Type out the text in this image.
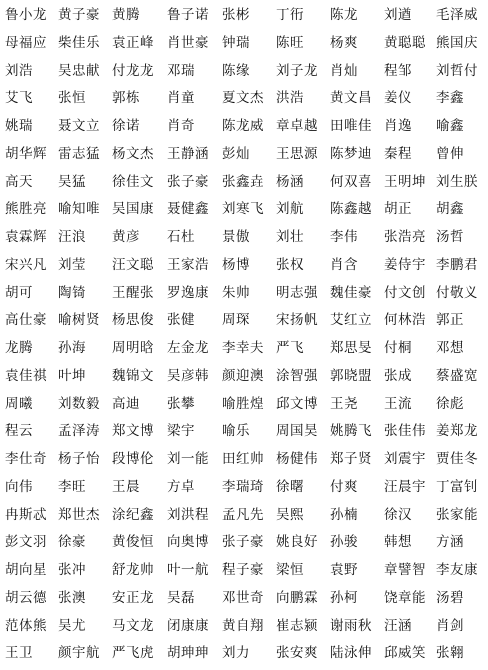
鲁小龙 黄子豪 黄腾	鲁子诺 张彬	丁衎	陈龙	刘遒	毛泽威
母福应 柴佳乐 袁正峰 肖世豪 钟瑞	陈旺	杨爽	黄聪聪 熊国庆
刘浩	吴忠献 付龙龙 邓瑞	陈缘	刘子龙 肖灿	程邹	刘哲付
艾飞	张恒	郭栋	肖童	夏文杰 洪浩	黄文昌 姜仪	李鑫
姚瑞	聂文立 徐诺	肖奇	陈龙威 章卓越 田唯佳 肖逸	喻鑫
胡华辉 雷志猛 杨文杰 王静涵 彭灿	王思源 陈梦迪 秦程	曾伸
高天	吴猛	徐佳文 张子豪 张鑫垚 杨涵	何双喜 王明坤 刘生朕
熊胜亮 喻知唯 吴国康 聂健鑫 刘寒飞 刘航	陈鑫越 胡正	胡鑫
袁霖辉 汪浪	黄彦	石杜	景傲	刘壮	李伟	张浩亮 汤哲
宋兴凡 刘莹	汪文聪 王家浩 杨博	张权	肖含	姜侍宇 李鹏君
胡可	陶锜	王醒张 罗逸康 朱帅	明志强 魏佳豪 付文创 付敬义
高仕豪 喻树贤 杨思俊 张健	周琛	宋扬帆 艾红立 何林浩 郭正
龙腾	孙海	周明晗 左金龙 李幸夫 严飞	郑思旻 付桐	邓想
袁佳祺 叶坤	魏锦文 吴彦韩 颜迎澳 涂智强 郭晓盟 张成	蔡盛宽
周曦	刘数毅 高迪	张攀	喻胜煌 邱文博 王尧	王流	徐彪
程云	孟泽涛 郑文博 梁宇	喻乐	周国昊 姚腾飞 张佳伟 姜郑龙
李仕奇 杨子怡 段博伦 刘一能 田红帅 杨健伟 郑子贤 刘震宇 贾佳冬
向伟	李旺	王晨	方卓	李瑞琦 徐曙	付爽	汪晨宇 丁富钊
冉斯忒 郑世杰 涂纪鑫 刘洪程 孟凡先 吴熙	孙楠	徐汉	张家能
彭文羽 徐豪	黄俊恒 向奥博 张子豪 姚良好 孙骏	韩想	方涵
胡向星 张冲	舒龙帅 叶一航 程子豪 梁恒	袁野	章譬智 李友康
胡云德 张澳	安正龙 吴磊	邓世奇 向鹏霖 孙柯	饶章能 汤碧
范体熊 吴尤	马文龙 闭康康 黄自翔 崔志颍 谢雨秋 汪涵	肖剑
王卫	颜宇航 严飞虎 胡珅珅 刘力	张安爽 陆泳伸 邱威笑 张翱
